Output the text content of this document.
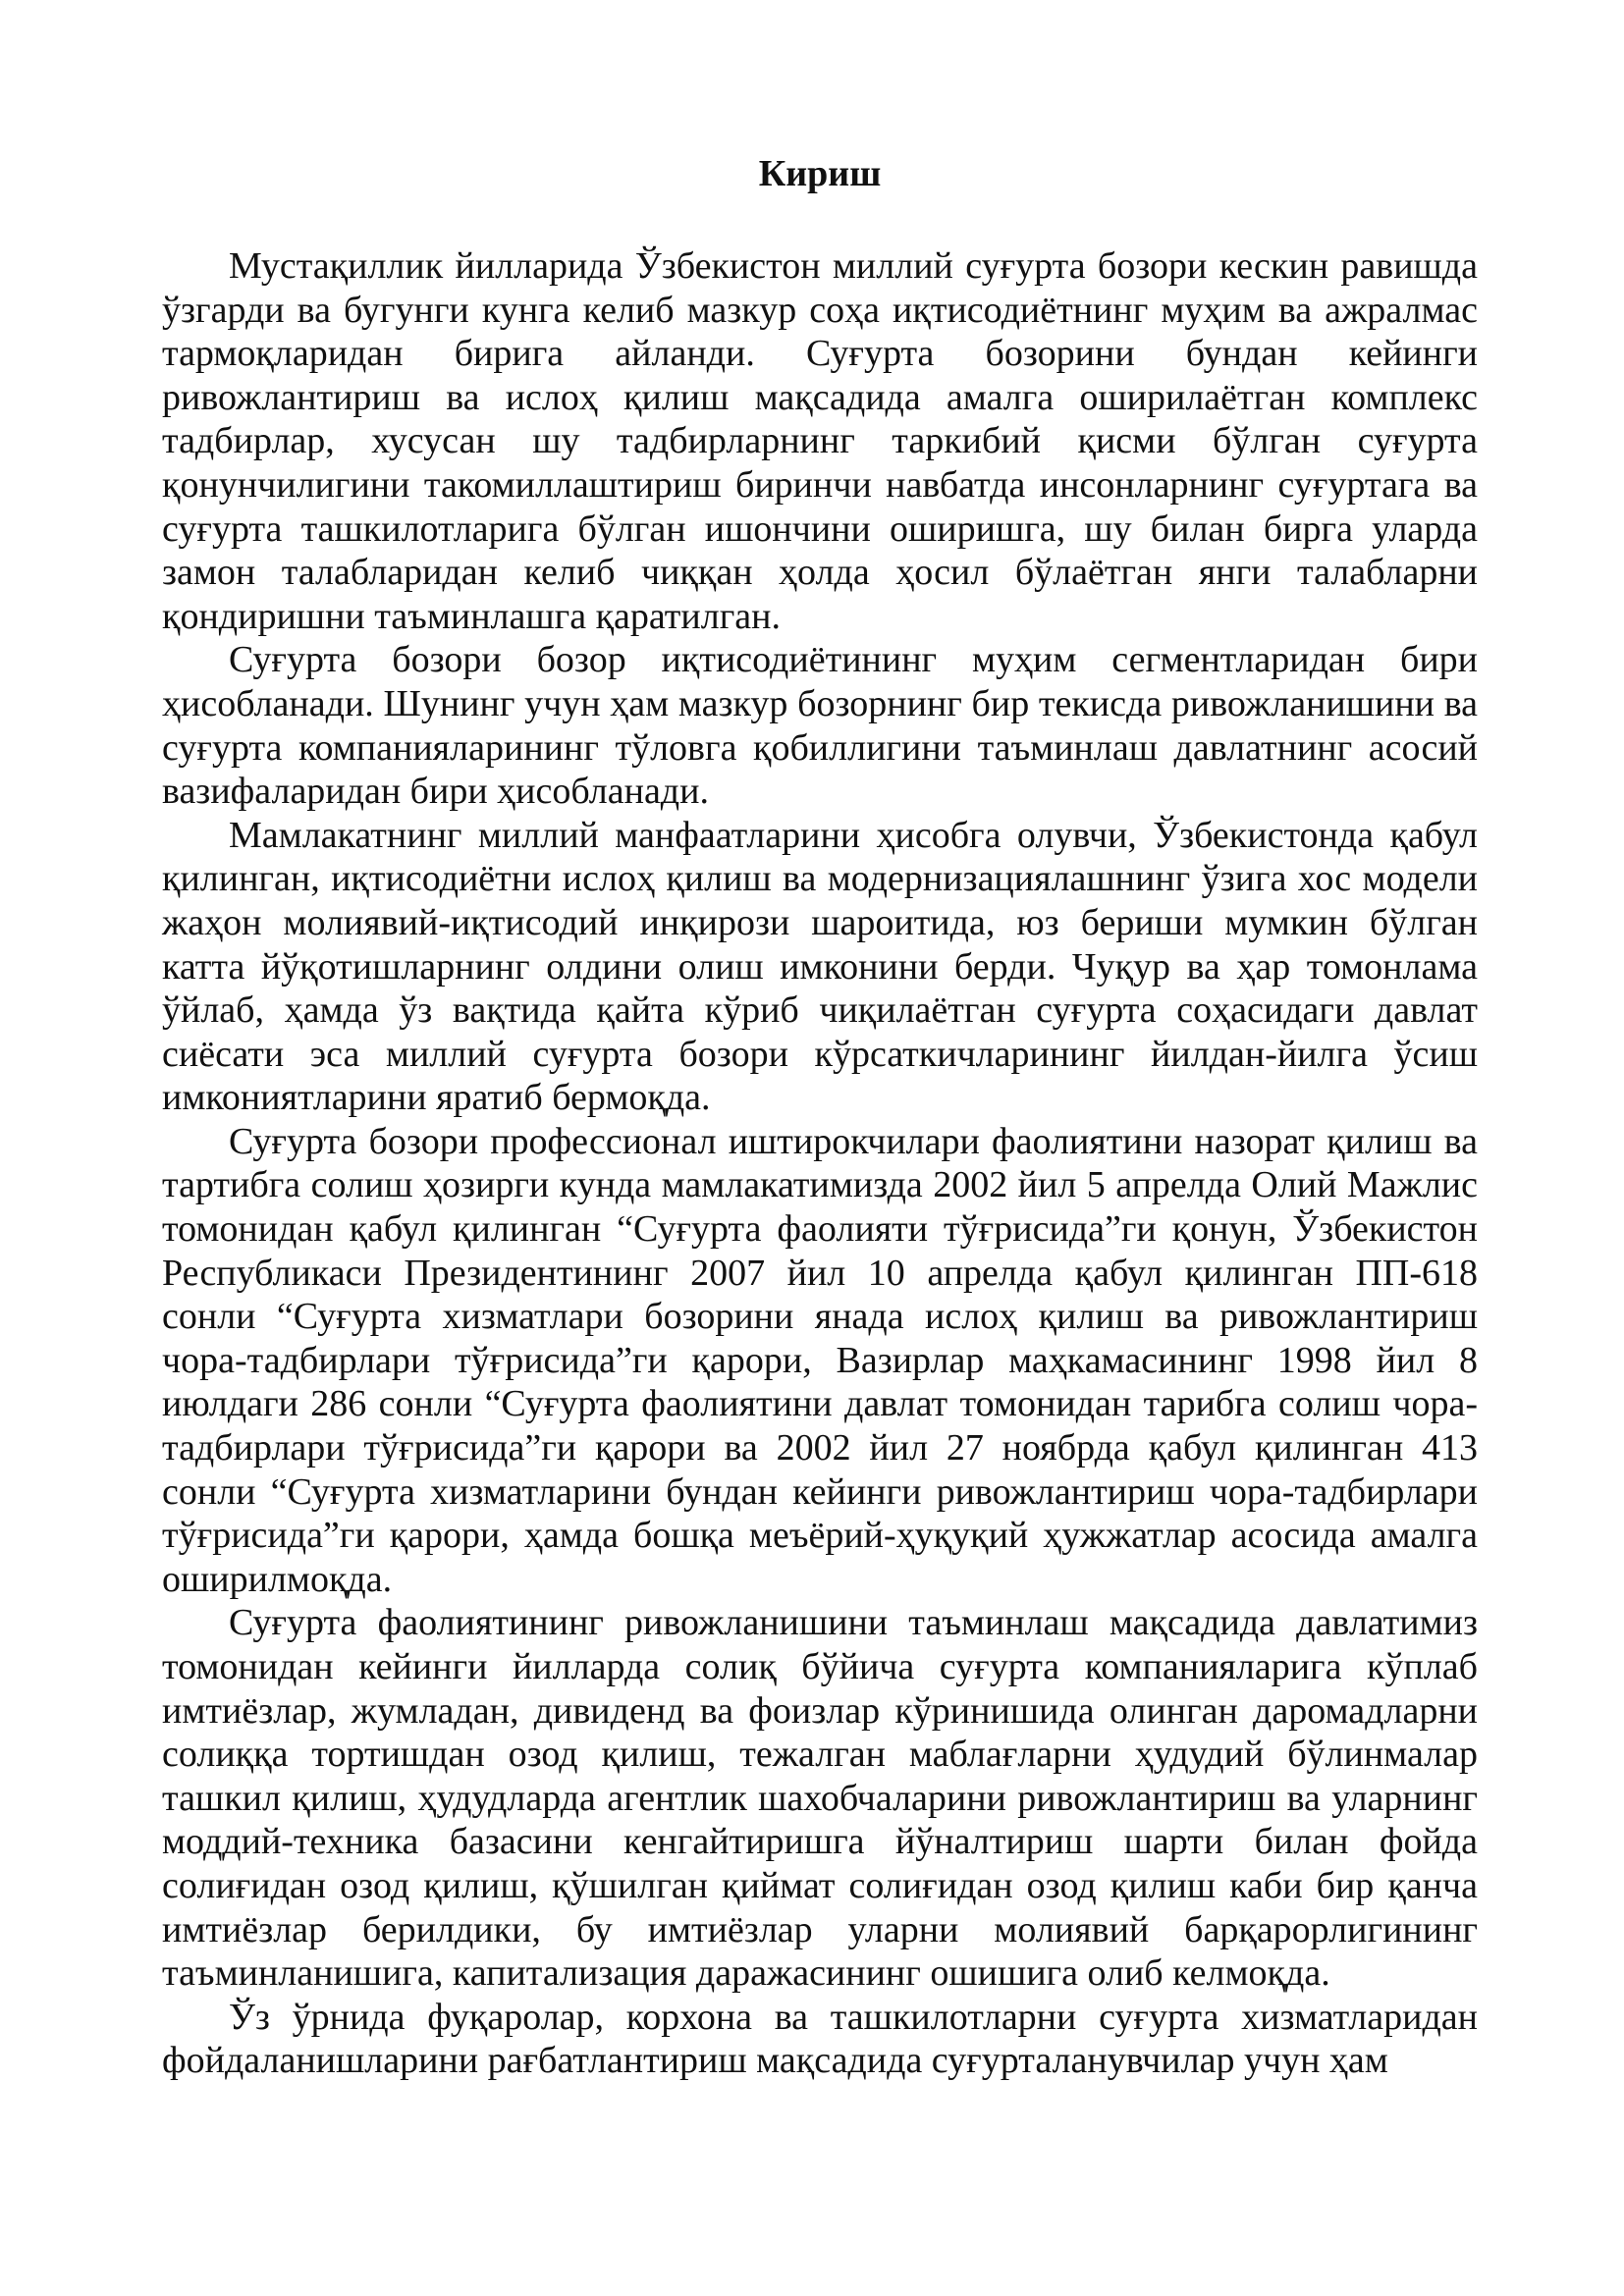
Кириш

Мустақиллик йилларида Ўзбекистон миллий суғурта бозори кескин равишда ўзгарди ва бугунги кунга келиб мазкур соҳа иқтисодиётнинг муҳим ва ажралмас тармоқларидан бирига айланди. Суғурта бозорини бундан кейинги ривожлантириш ва ислоҳ қилиш мақсадида амалга оширилаётган комплекс тадбирлар, хусусан шу тадбирларнинг таркибий қисми бўлган суғурта қонунчилигини такомиллаштириш биринчи навбатда инсонларнинг суғуртага ва суғурта ташкилотларига бўлган ишончини оширишга, шу билан бирга уларда замон талабларидан келиб чиққан ҳолда ҳосил бўлаётган янги талабларни қондиришни таъминлашга қаратилган.

Суғурта бозори бозор иқтисодиётининг муҳим сегментларидан бири ҳисобланади. Шунинг учун ҳам мазкур бозорнинг бир текисда ривожланишини ва суғурта компанияларининг тўловга қобиллигини таъминлаш давлатнинг асосий вазифаларидан бири ҳисобланади.

Мамлакатнинг миллий манфаатларини ҳисобга олувчи, Ўзбекистонда қабул қилинган, иқтисодиётни ислоҳ қилиш ва модернизациялашнинг ўзига хос модели жаҳон молиявий-иқтисодий инқирози шароитида, юз бериши мумкин бўлган катта йўқотишларнинг олдини олиш имконини берди. Чуқур ва ҳар томонлама ўйлаб, ҳамда ўз вақтида қайта кўриб чиқилаётган суғурта соҳасидаги давлат сиёсати эса миллий суғурта бозори кўрсаткичларининг йилдан-йилга ўсиш имкониятларини яратиб бермоқда.

Суғурта бозори профессионал иштирокчилари фаолиятини назорат қилиш ва тартибга солиш ҳозирги кунда мамлакатимизда 2002 йил 5 апрелда Олий Мажлис томонидан қабул қилинган “Суғурта фаолияти тўғрисида”ги қонун, Ўзбекистон Республикаси Президентининг 2007 йил 10 апрелда қабул қилинган ПП-618 сонли “Суғурта хизматлари бозорини янада ислоҳ қилиш ва ривожлантириш чора-тадбирлари тўғрисида”ги қарори, Вазирлар маҳкамасининг 1998 йил 8 июлдаги 286 сонли “Суғурта фаолиятини давлат томонидан тарибга солиш чора-тадбирлари тўғрисида”ги қарори ва 2002 йил 27 ноябрда қабул қилинган 413 сонли “Суғурта хизматларини бундан кейинги ривожлантириш чора-тадбирлари тўғрисида”ги қарори, ҳамда бошқа меъёрий-ҳуқуқий ҳужжатлар асосида амалга оширилмоқда.

Суғурта фаолиятининг ривожланишини таъминлаш мақсадида давлатимиз томонидан кейинги йилларда солиқ бўйича суғурта компанияларига кўплаб имтиёзлар, жумладан, дивиденд ва фоизлар кўринишида олинган даромадларни солиққа тортишдан озод қилиш, тежалган маблағларни ҳудудий бўлинмалар ташкил қилиш, ҳудудларда агентлик шахобчаларини ривожлантириш ва уларнинг моддий-техника базасини кенгайтиришга йўналтириш шарти билан фойда солиғидан озод қилиш, қўшилган қиймат солиғидан озод қилиш каби бир қанча имтиёзлар берилдики, бу имтиёзлар уларни молиявий барқарорлигининг таъминланишига, капитализация даражасининг ошишига олиб келмоқда.

Ўз ўрнида фуқаролар, корхона ва ташкилотларни суғурта хизматларидан фойдаланишларини рағбатлантириш мақсадида суғурталанувчилар учун ҳам
